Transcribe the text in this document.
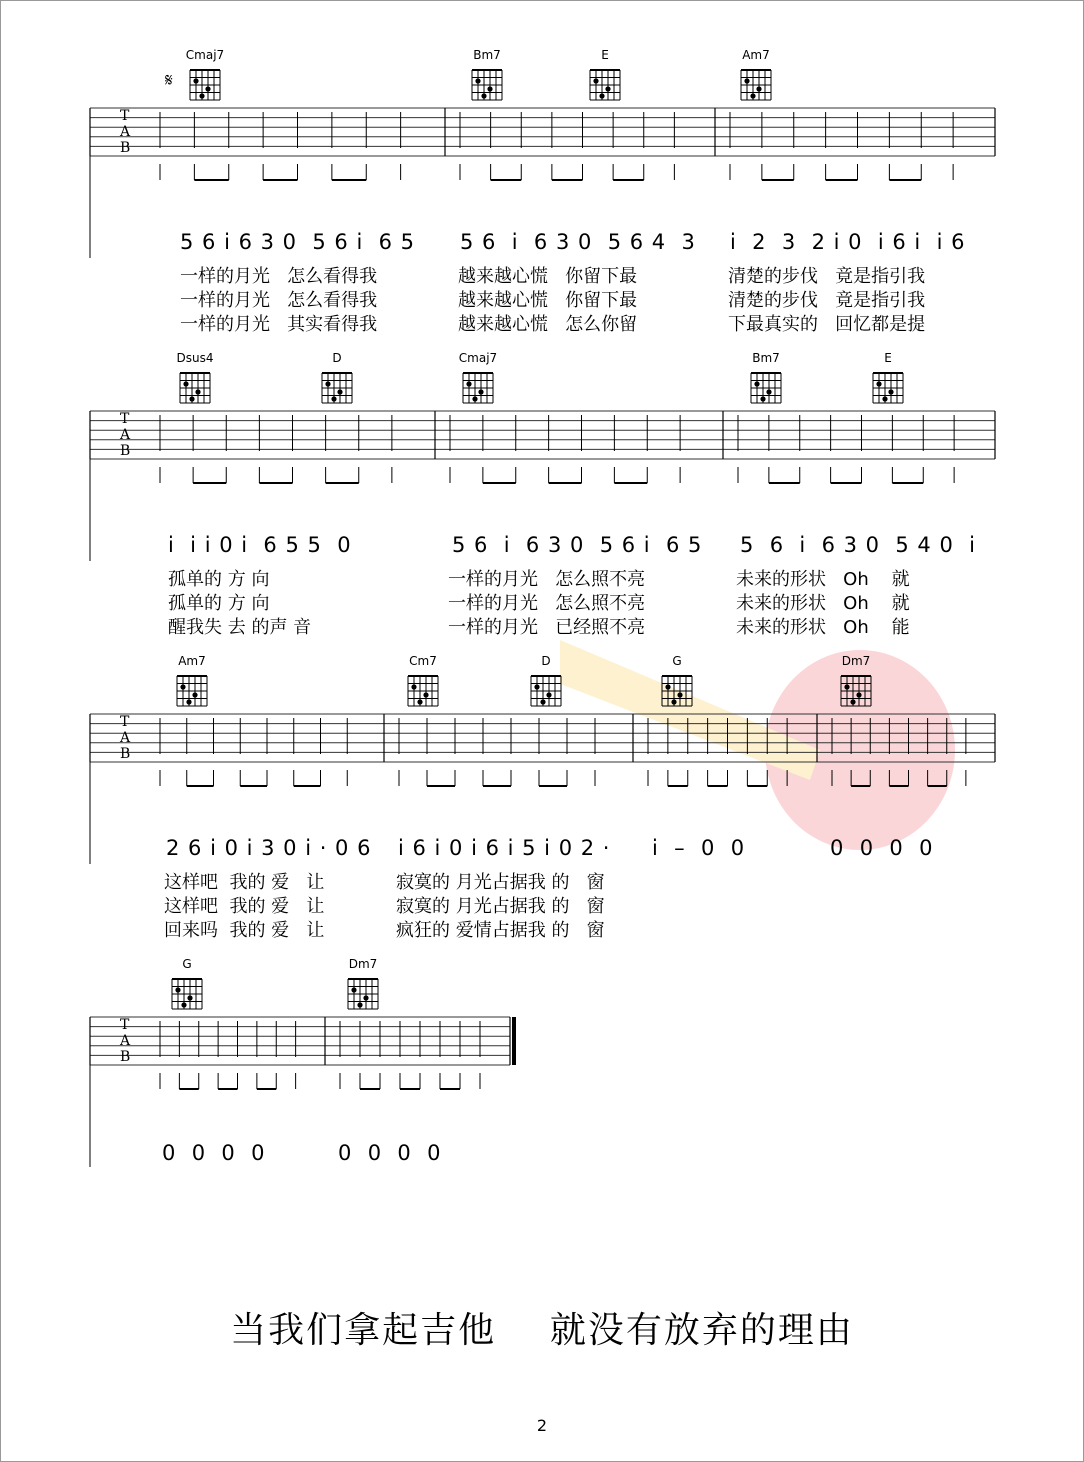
𝄋
Cmaj7	Bm7	E	Am7
T
A
B
5 6 i 6 3 0  5 6 i  6 5 5 6  i  6 3 0  5 6 4  3 i  2  3  2 i 0  i 6 i  i 6
一样的月光   怎么看得我	越来越心慌   你留下最	清楚的步伐   竟是指引我
一样的月光   怎么看得我	越来越心慌   你留下最	清楚的步伐   竟是指引我
一样的月光   其实看得我	越来越心慌   怎么你留	下最真实的   回忆都是提
Dsus4	D	Cmaj7	Bm7	E
T
A
B
i  i i 0 i  6 5 5  0	5 6  i  6 3 0  5 6 i  6 5 5  6  i  6 3 0  5 4 0  i
孤单的 方 向	一样的月光   怎么照不亮	未来的形状   Oh    就
孤单的 方 向	一样的月光   怎么照不亮	未来的形状   Oh    就
醒我失 去 的声 音	一样的月光   已经照不亮	未来的形状   Oh    能
Am7	Cm7	D	G	Dm7
T
A
B
2 6 i 0 i 3 0 i · 0 6 i 6 i 0 i 6 i 5 i 0 2 · i  –  0  0	0  0  0  0
这样吧  我的 爱   让	寂寞的 月光占据我 的   窗
这样吧  我的 爱   让	寂寞的 月光占据我 的   窗
回来吗  我的 爱   让	疯狂的 爱情占据我 的   窗
G	Dm7
T
A
B
0  0  0  0	0  0  0  0
当我们拿起吉他    就没有放弃的理由
2
